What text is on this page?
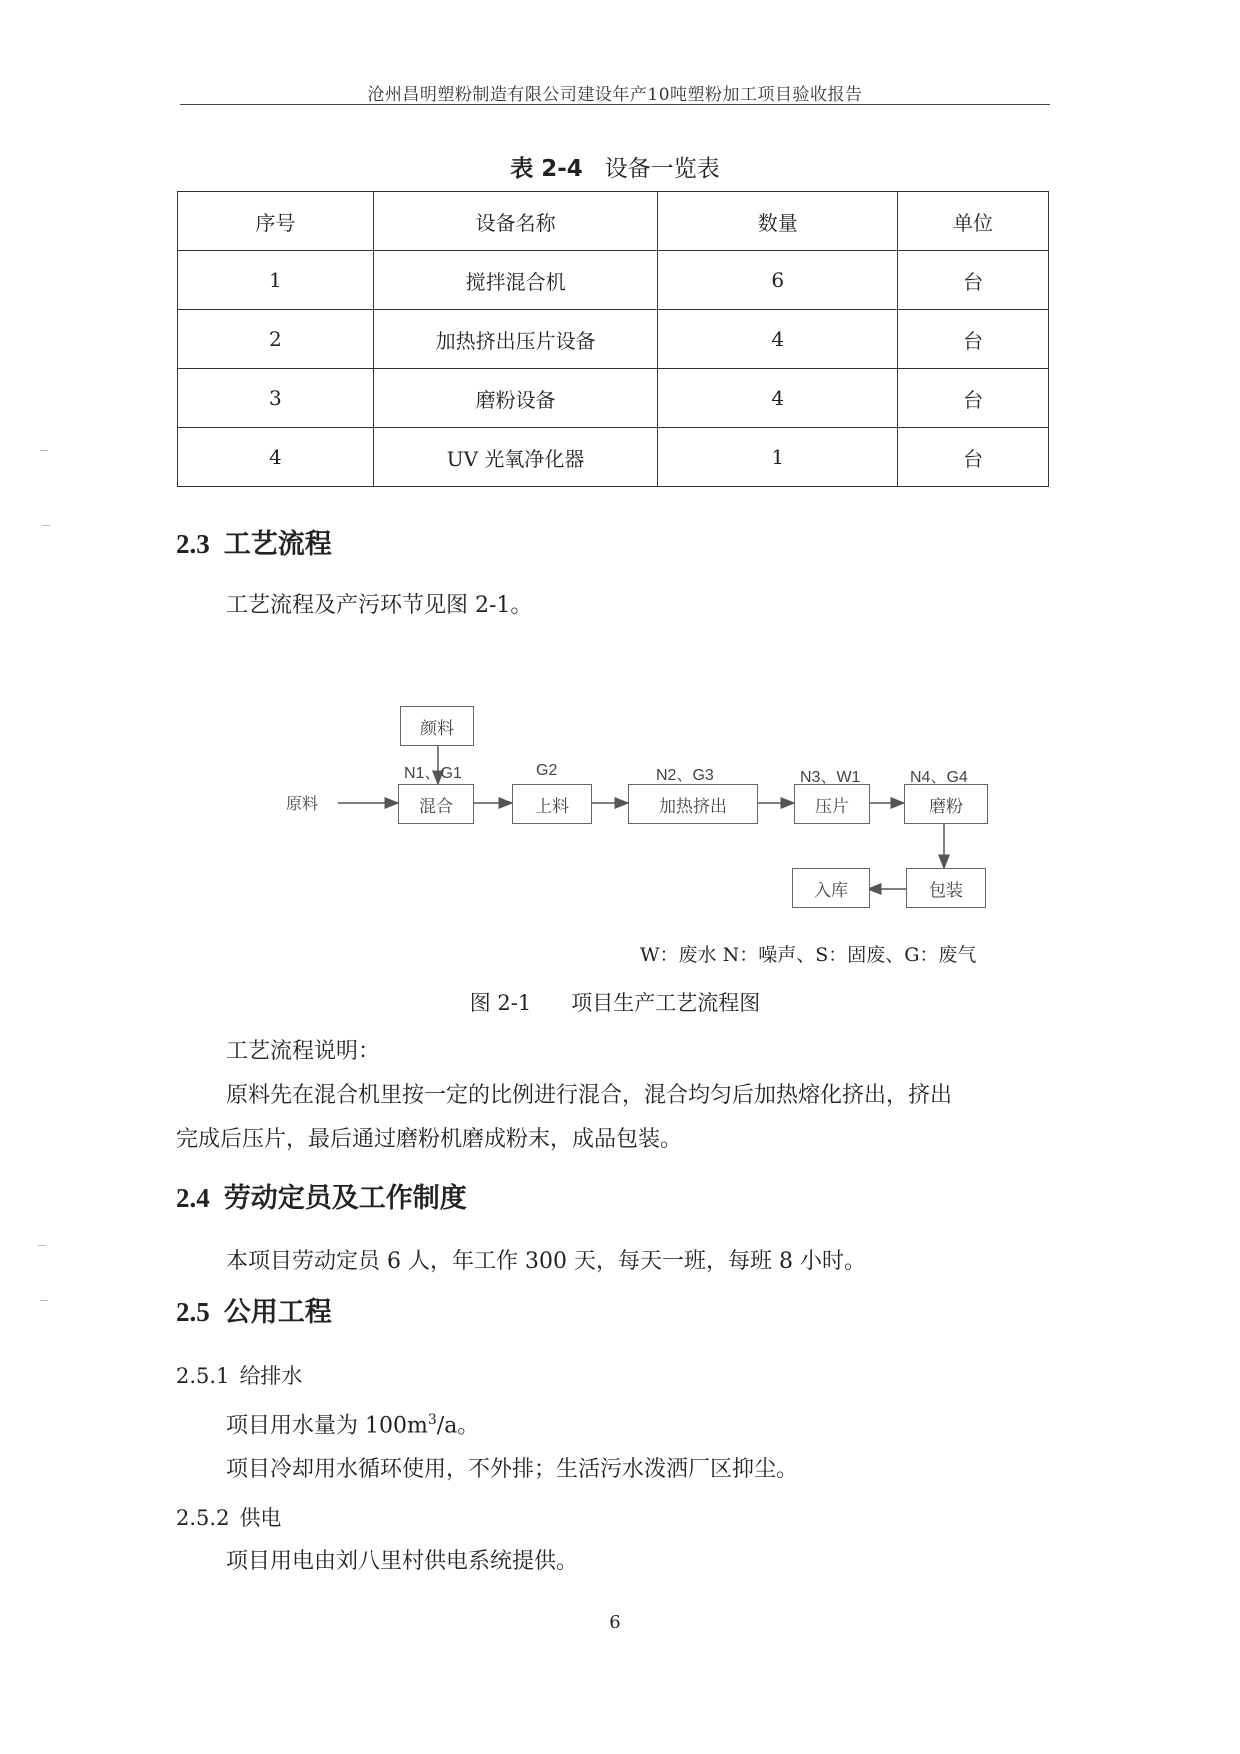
沧州昌明塑粉制造有限公司建设年产10吨塑粉加工项目验收报告
表 2-4 设备一览表
序号	设备名称	数量	单位
1	搅拌混合机	6	台
2	加热挤出压片设备	4	台
3	磨粉设备	4	台
4	UV 光氧净化器	1	台
2.3 工艺流程
工艺流程及产污环节见图 2-1。
原料
颜料
混合	上料	加热挤出	压片	磨粉
包装
入库
N1、G1	G2	N2、G3	N3、W1	N4、G4
W：废水 N：噪声、S：固废、G：废气
图 2-1 项目生产工艺流程图
工艺流程说明：
原料先在混合机里按一定的比例进行混合，混合均匀后加热熔化挤出，挤出
完成后压片，最后通过磨粉机磨成粉末，成品包装。
2.4 劳动定员及工作制度
本项目劳动定员 6 人，年工作 300 天，每天一班，每班 8 小时。
2.5 公用工程
2.5.1 给排水
项目用水量为 $100m^3/a$。
项目冷却用水循环使用，不外排；生活污水泼洒厂区抑尘。
2.5.2 供电
项目用电由刘八里村供电系统提供。
6
